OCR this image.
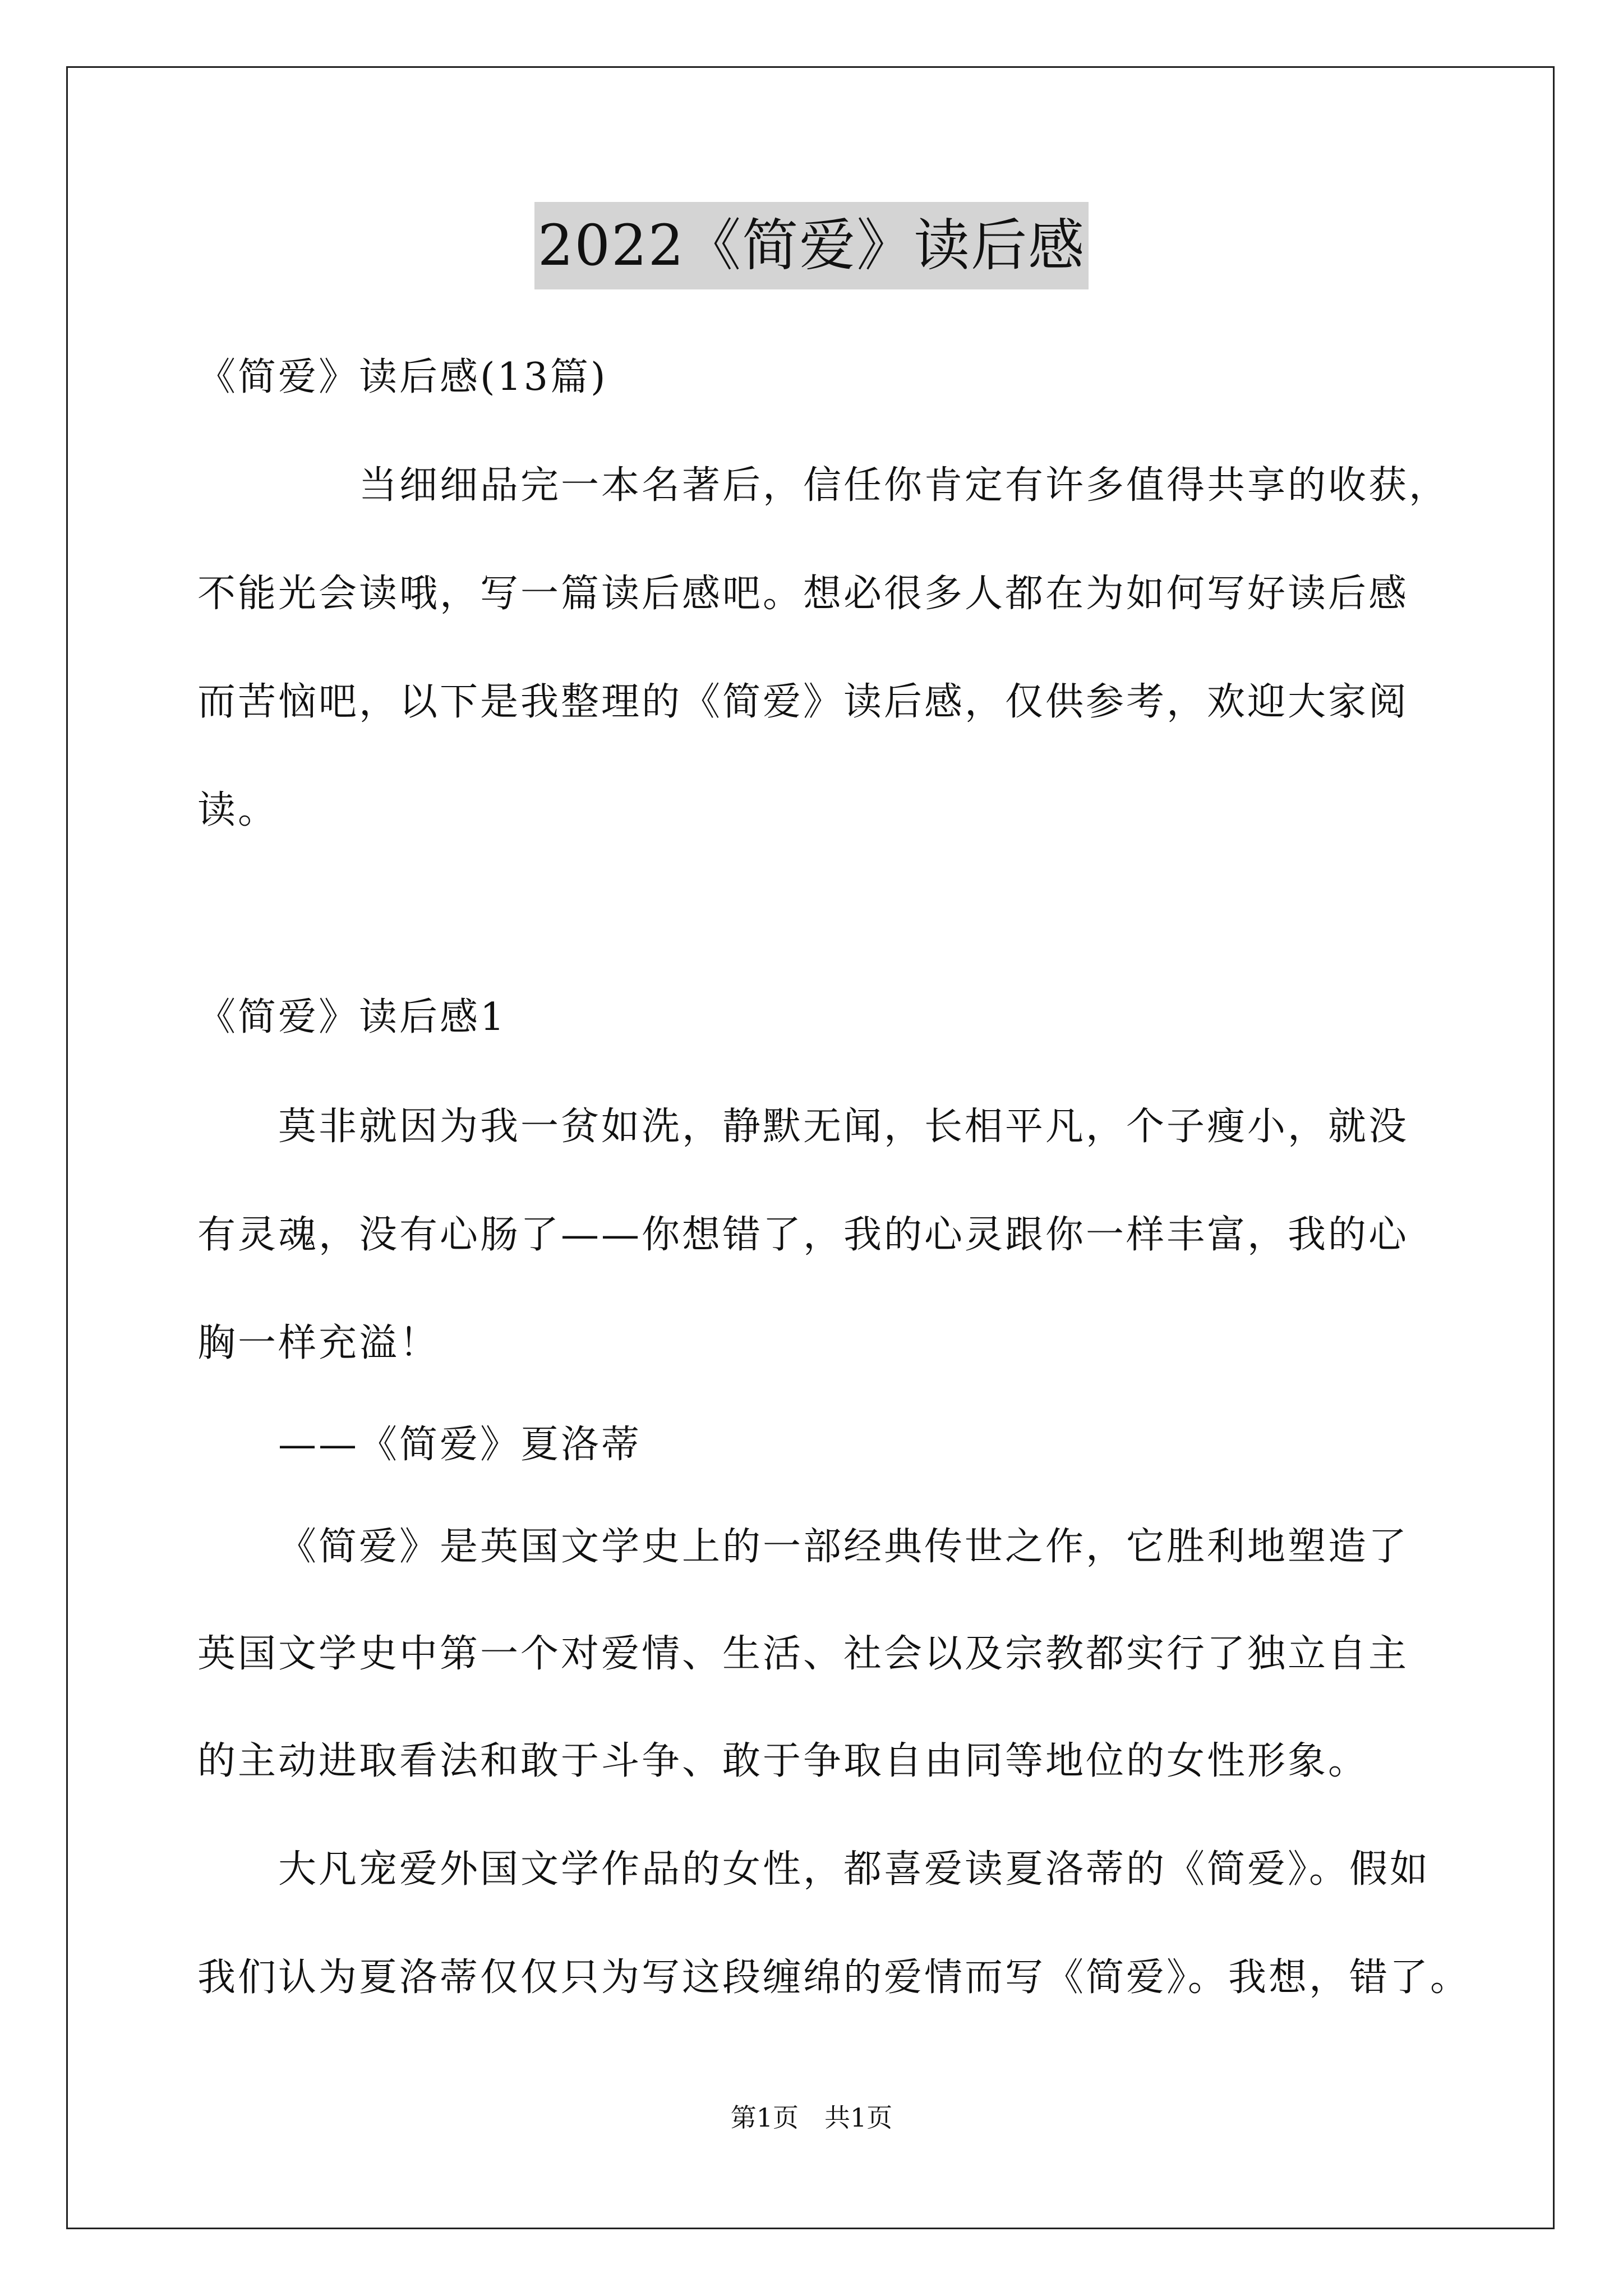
2022《简爱》读后感
《简爱》读后感(13篇)
当细细品完一本名著后，信任你肯定有许多值得共享的收获，
不能光会读哦，写一篇读后感吧。想必很多人都在为如何写好读后感
而苦恼吧，以下是我整理的《简爱》读后感，仅供参考，欢迎大家阅
读。
《简爱》读后感1
莫非就因为我一贫如洗，静默无闻，长相平凡，个子瘦小，就没
有灵魂，没有心肠了——你想错了，我的心灵跟你一样丰富，我的心
胸一样充溢！
——《简爱》夏洛蒂
《简爱》是英国文学史上的一部经典传世之作，它胜利地塑造了
英国文学史中第一个对爱情、生活、社会以及宗教都实行了独立自主
的主动进取看法和敢于斗争、敢于争取自由同等地位的女性形象。
大凡宠爱外国文学作品的女性，都喜爱读夏洛蒂的《简爱》。假如
我们认为夏洛蒂仅仅只为写这段缠绵的爱情而写《简爱》。我想，错了。
第1页 共1页
